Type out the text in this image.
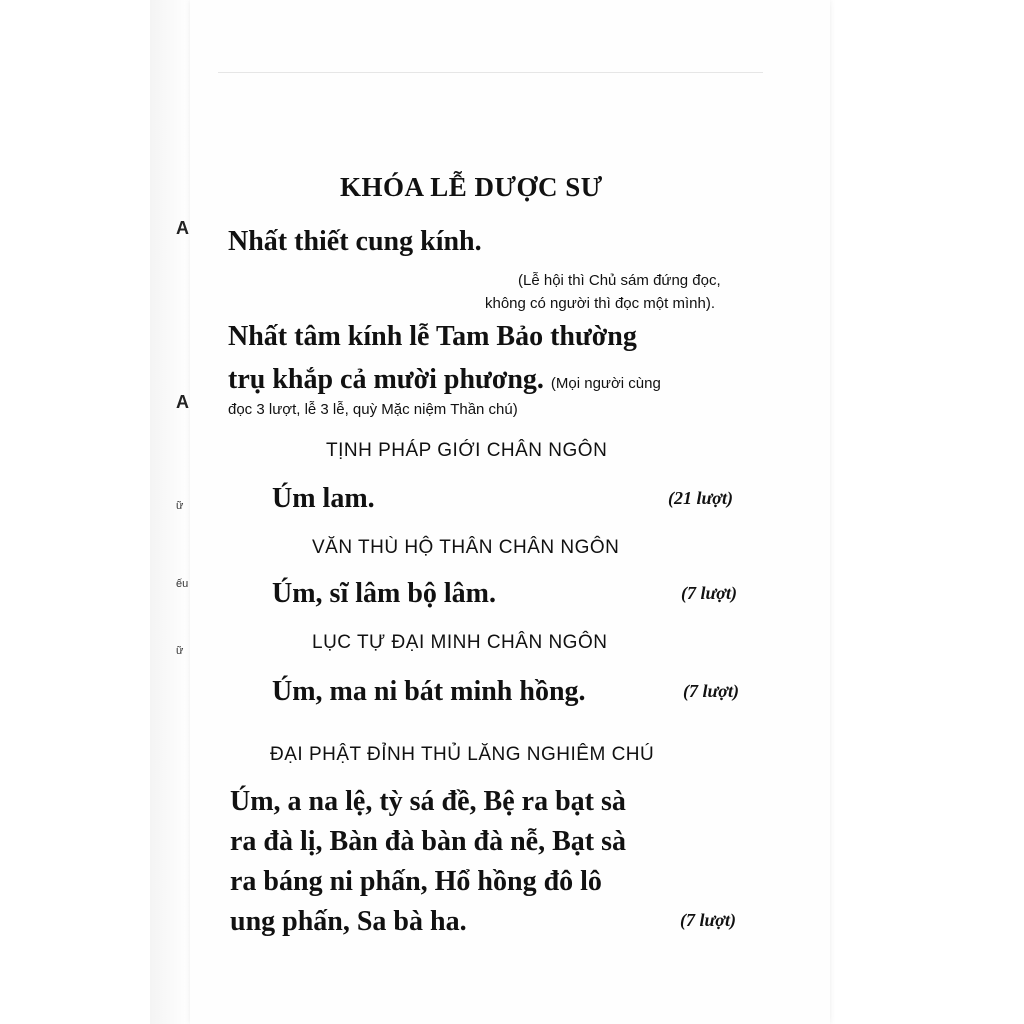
A
A
ữ
ếu
ữ
KHÓA LỄ DƯỢC SƯ
Nhất thiết cung kính.
(Lễ hội thì Chủ sám đứng đọc,
không có người thì đọc một mình).
Nhất tâm kính lễ Tam Bảo thường
trụ khắp cả mười phương. (Mọi người cùng
đọc 3 lượt, lễ 3 lễ, quỳ Mặc niệm Thần chú)
TỊNH PHÁP GIỚI CHÂN NGÔN
Úm lam.	(21 lượt)
VĂN THÙ HỘ THÂN CHÂN NGÔN
Úm, sĩ lâm bộ lâm.	(7 lượt)
LỤC TỰ ĐẠI MINH CHÂN NGÔN
Úm, ma ni bát minh hồng.	(7 lượt)
ĐẠI PHẬT ĐỈNH THỦ LĂNG NGHIÊM CHÚ
Úm, a na lệ, tỳ sá đề, Bệ ra bạt sà
ra đà lị, Bàn đà bàn đà nễ, Bạt sà
ra báng ni phấn, Hổ hồng đô lô
ung phấn, Sa bà ha.	(7 lượt)
